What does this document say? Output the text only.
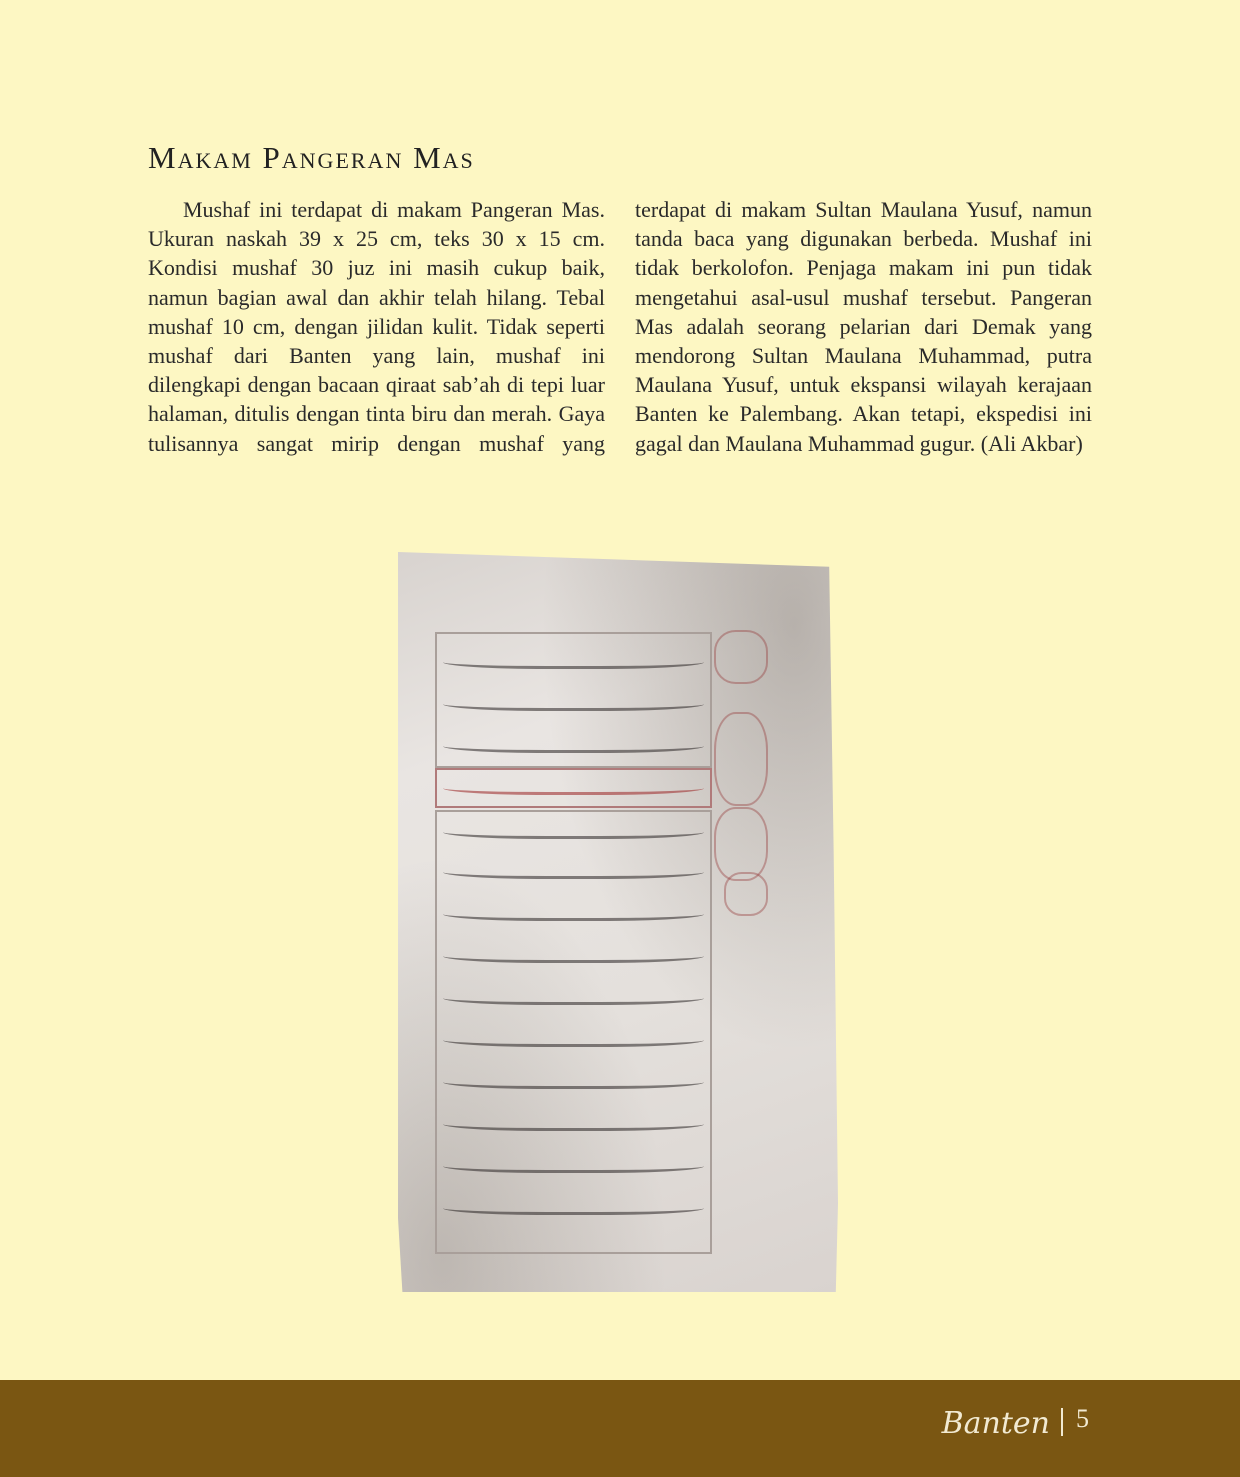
Makam Pangeran Mas

Mushaf ini terdapat di makam Pangeran Mas. Ukuran naskah 39 x 25 cm, teks 30 x 15 cm. Kondisi mushaf 30 juz ini masih cukup baik, namun bagian awal dan akhir telah hilang. Tebal mushaf 10 cm, dengan jilidan kulit. Tidak seperti mushaf dari Banten yang lain, mushaf ini dilengkapi dengan bacaan qiraat sab’ah di tepi luar halaman, ditulis dengan tinta biru dan merah. Gaya tulisannya sangat mirip dengan mushaf yang terdapat di makam Sultan Maulana Yusuf, namun tanda baca yang digunakan berbeda. Mushaf ini tidak berkolofon. Penjaga makam ini pun tidak mengetahui asal-usul mushaf tersebut. Pangeran Mas adalah seorang pelarian dari Demak yang mendorong Sultan Maulana Muhammad, putra Maulana Yusuf, untuk ekspansi wilayah kerajaan Banten ke Palembang. Akan tetapi, ekspedisi ini gagal dan Maulana Muhammad gugur. (Ali Akbar)

Banten 5
